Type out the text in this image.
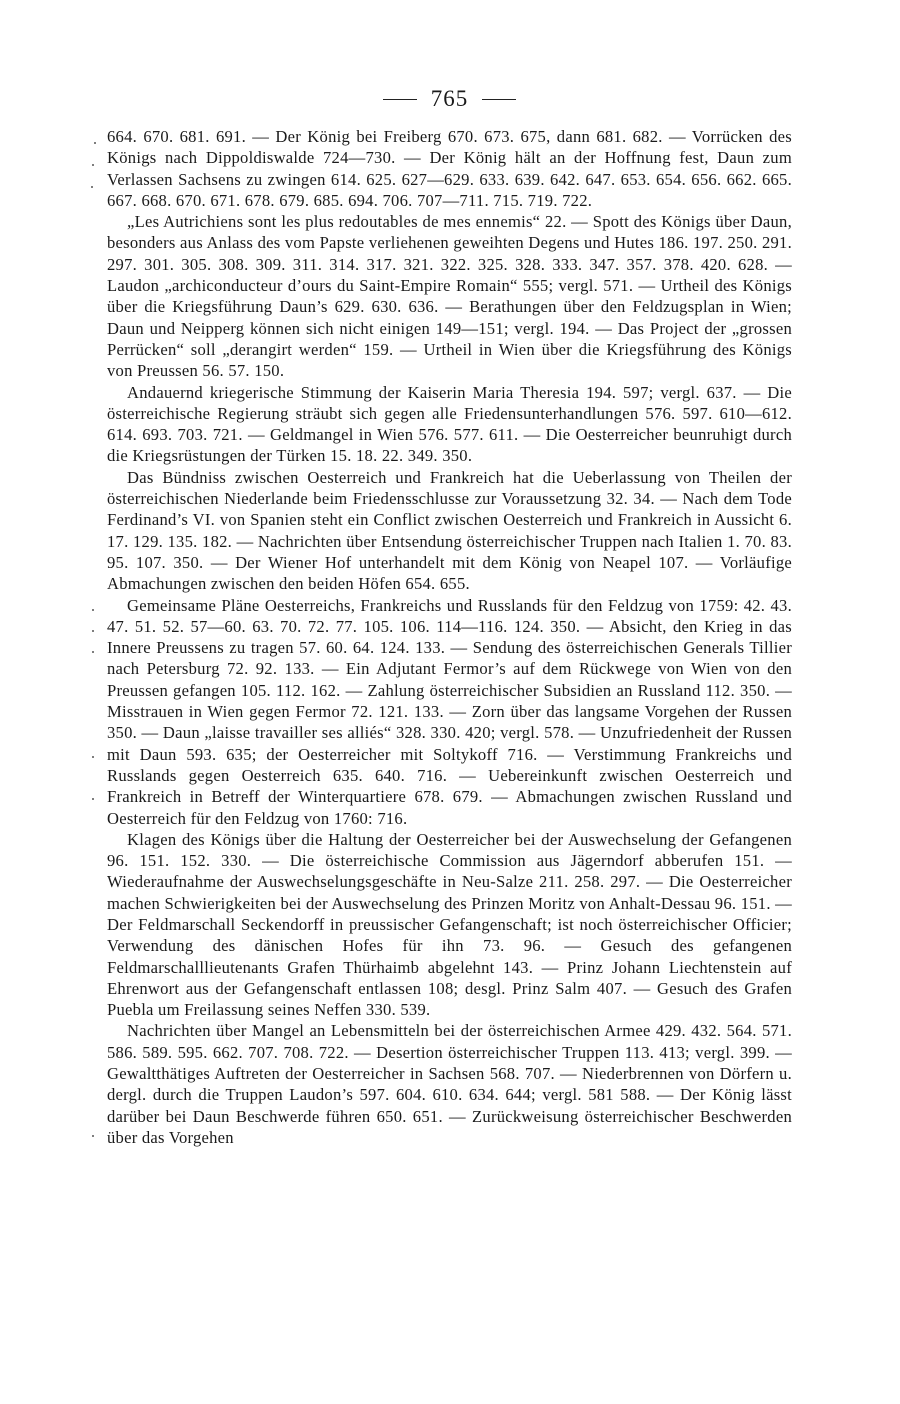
765

664. 670. 681. 691. — Der König bei Freiberg 670. 673. 675, dann 681. 682. — Vorrücken des Königs nach Dippoldiswalde 724—730. — Der König hält an der Hoffnung fest, Daun zum Verlassen Sachsens zu zwingen 614. 625. 627—629. 633. 639. 642. 647. 653. 654. 656. 662. 665. 667. 668. 670. 671. 678. 679. 685. 694. 706. 707—711. 715. 719. 722.

„Les Autrichiens sont les plus redoutables de mes ennemis“ 22. — Spott des Königs über Daun, besonders aus Anlass des vom Papste verliehenen geweihten Degens und Hutes 186. 197. 250. 291. 297. 301. 305. 308. 309. 311. 314. 317. 321. 322. 325. 328. 333. 347. 357. 378. 420. 628. — Laudon „archiconducteur d’ours du Saint-Empire Romain“ 555; vergl. 571. — Urtheil des Königs über die Kriegsführung Daun’s 629. 630. 636. — Berathungen über den Feldzugsplan in Wien; Daun und Neipperg können sich nicht einigen 149—151; vergl. 194. — Das Project der „grossen Perrücken“ soll „derangirt werden“ 159. — Urtheil in Wien über die Kriegsführung des Königs von Preussen 56. 57. 150.

Andauernd kriegerische Stimmung der Kaiserin Maria Theresia 194. 597; vergl. 637. — Die österreichische Regierung sträubt sich gegen alle Friedensunterhandlungen 576. 597. 610—612. 614. 693. 703. 721. — Geldmangel in Wien 576. 577. 611. — Die Oesterreicher beunruhigt durch die Kriegsrüstungen der Türken 15. 18. 22. 349. 350.

Das Bündniss zwischen Oesterreich und Frankreich hat die Ueberlassung von Theilen der österreichischen Niederlande beim Friedensschlusse zur Voraussetzung 32. 34. — Nach dem Tode Ferdinand’s VI. von Spanien steht ein Conflict zwischen Oesterreich und Frankreich in Aussicht 6. 17. 129. 135. 182. — Nachrichten über Entsendung österreichischer Truppen nach Italien 1. 70. 83. 95. 107. 350. — Der Wiener Hof unterhandelt mit dem König von Neapel 107. — Vorläufige Abmachungen zwischen den beiden Höfen 654. 655.

Gemeinsame Pläne Oesterreichs, Frankreichs und Russlands für den Feldzug von 1759: 42. 43. 47. 51. 52. 57—60. 63. 70. 72. 77. 105. 106. 114—116. 124. 350. — Absicht, den Krieg in das Innere Preussens zu tragen 57. 60. 64. 124. 133. — Sendung des österreichischen Generals Tillier nach Petersburg 72. 92. 133. — Ein Adjutant Fermor’s auf dem Rückwege von Wien von den Preussen gefangen 105. 112. 162. — Zahlung österreichischer Subsidien an Russland 112. 350. — Misstrauen in Wien gegen Fermor 72. 121. 133. — Zorn über das langsame Vorgehen der Russen 350. — Daun „laisse travailler ses alliés“ 328. 330. 420; vergl. 578. — Unzufriedenheit der Russen mit Daun 593. 635; der Oesterreicher mit Soltykoff 716. — Verstimmung Frankreichs und Russlands gegen Oesterreich 635. 640. 716. — Uebereinkunft zwischen Oesterreich und Frankreich in Betreff der Winterquartiere 678. 679. — Abmachungen zwischen Russland und Oesterreich für den Feldzug von 1760: 716.

Klagen des Königs über die Haltung der Oesterreicher bei der Auswechselung der Gefangenen 96. 151. 152. 330. — Die österreichische Commission aus Jägerndorf abberufen 151. — Wiederaufnahme der Auswechselungsgeschäfte in Neu-Salze 211. 258. 297. — Die Oesterreicher machen Schwierigkeiten bei der Auswechselung des Prinzen Moritz von Anhalt-Dessau 96. 151. — Der Feldmarschall Seckendorff in preussischer Gefangenschaft; ist noch österreichischer Officier; Verwendung des dänischen Hofes für ihn 73. 96. — Gesuch des gefangenen Feldmarschalllieutenants Grafen Thürhaimb abgelehnt 143. — Prinz Johann Liechtenstein auf Ehrenwort aus der Gefangenschaft entlassen 108; desgl. Prinz Salm 407. — Gesuch des Grafen Puebla um Freilassung seines Neffen 330. 539.

Nachrichten über Mangel an Lebensmitteln bei der österreichischen Armee 429. 432. 564. 571. 586. 589. 595. 662. 707. 708. 722. — Desertion österreichischer Truppen 113. 413; vergl. 399. — Gewaltthätiges Auftreten der Oesterreicher in Sachsen 568. 707. — Niederbrennen von Dörfern u. dergl. durch die Truppen Laudon’s 597. 604. 610. 634. 644; vergl. 581 588. — Der König lässt darüber bei Daun Beschwerde führen 650. 651. — Zurückweisung österreichischer Beschwerden über das Vorgehen
